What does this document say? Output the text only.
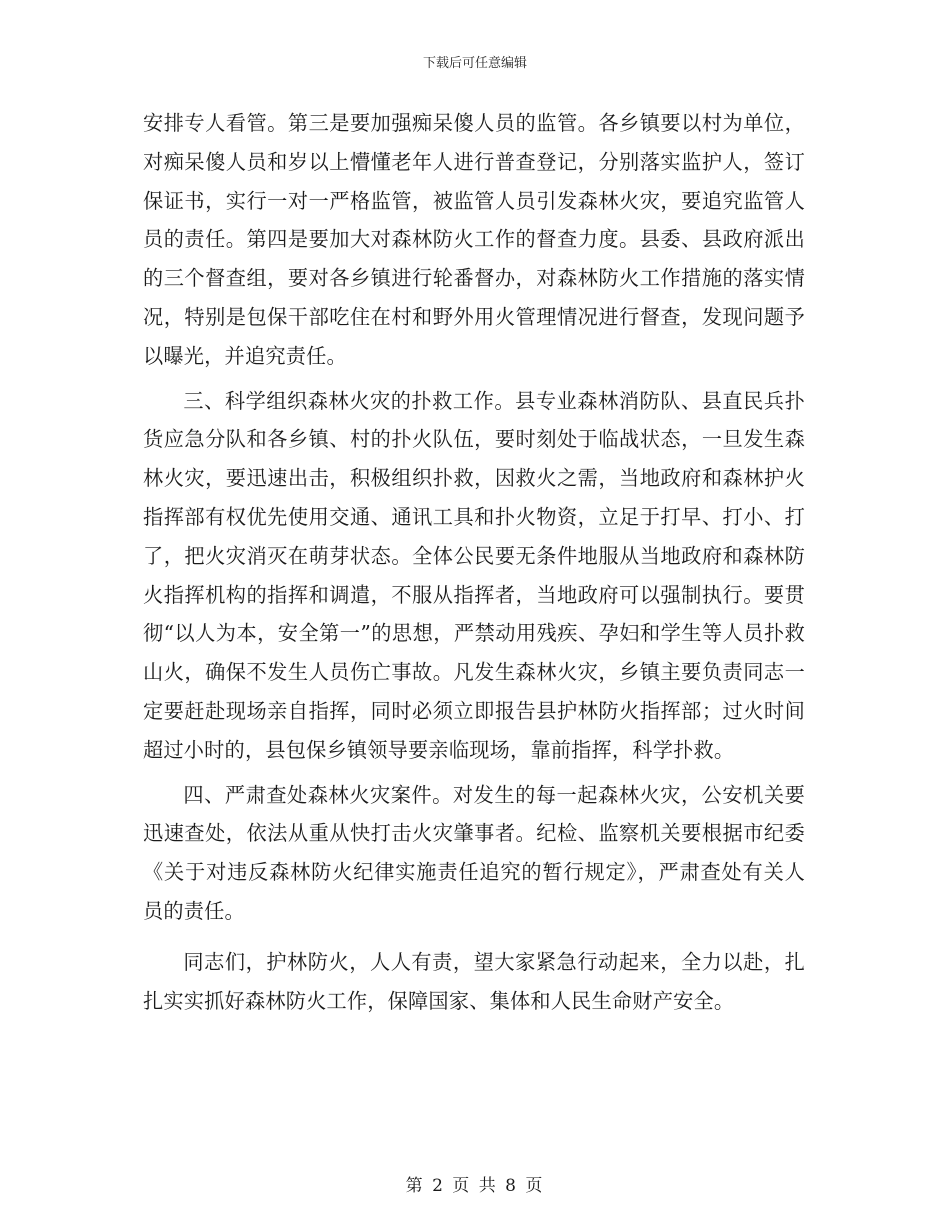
下载后可任意编辑

安排专人看管。第三是要加强痴呆傻人员的监管。各乡镇要以村为单位，对痴呆傻人员和岁以上懵懂老年人进行普查登记，分别落实监护人，签订保证书，实行一对一严格监管，被监管人员引发森林火灾，要追究监管人员的责任。第四是要加大对森林防火工作的督查力度。县委、县政府派出的三个督查组，要对各乡镇进行轮番督办，对森林防火工作措施的落实情况，特别是包保干部吃住在村和野外用火管理情况进行督查，发现问题予以曝光，并追究责任。

三、科学组织森林火灾的扑救工作。县专业森林消防队、县直民兵扑货应急分队和各乡镇、村的扑火队伍，要时刻处于临战状态，一旦发生森林火灾，要迅速出击，积极组织扑救，因救火之需，当地政府和森林护火指挥部有权优先使用交通、通讯工具和扑火物资，立足于打早、打小、打了，把火灾消灭在萌芽状态。全体公民要无条件地服从当地政府和森林防火指挥机构的指挥和调遣，不服从指挥者，当地政府可以强制执行。要贯彻“以人为本，安全第一”的思想，严禁动用残疾、孕妇和学生等人员扑救山火，确保不发生人员伤亡事故。凡发生森林火灾，乡镇主要负责同志一定要赶赴现场亲自指挥，同时必须立即报告县护林防火指挥部；过火时间超过小时的，县包保乡镇领导要亲临现场，靠前指挥，科学扑救。

四、严肃查处森林火灾案件。对发生的每一起森林火灾，公安机关要迅速查处，依法从重从快打击火灾肇事者。纪检、监察机关要根据市纪委《关于对违反森林防火纪律实施责任追究的暂行规定》，严肃查处有关人员的责任。

同志们，护林防火，人人有责，望大家紧急行动起来，全力以赴，扎扎实实抓好森林防火工作，保障国家、集体和人民生命财产安全。

第 2 页 共 8 页
